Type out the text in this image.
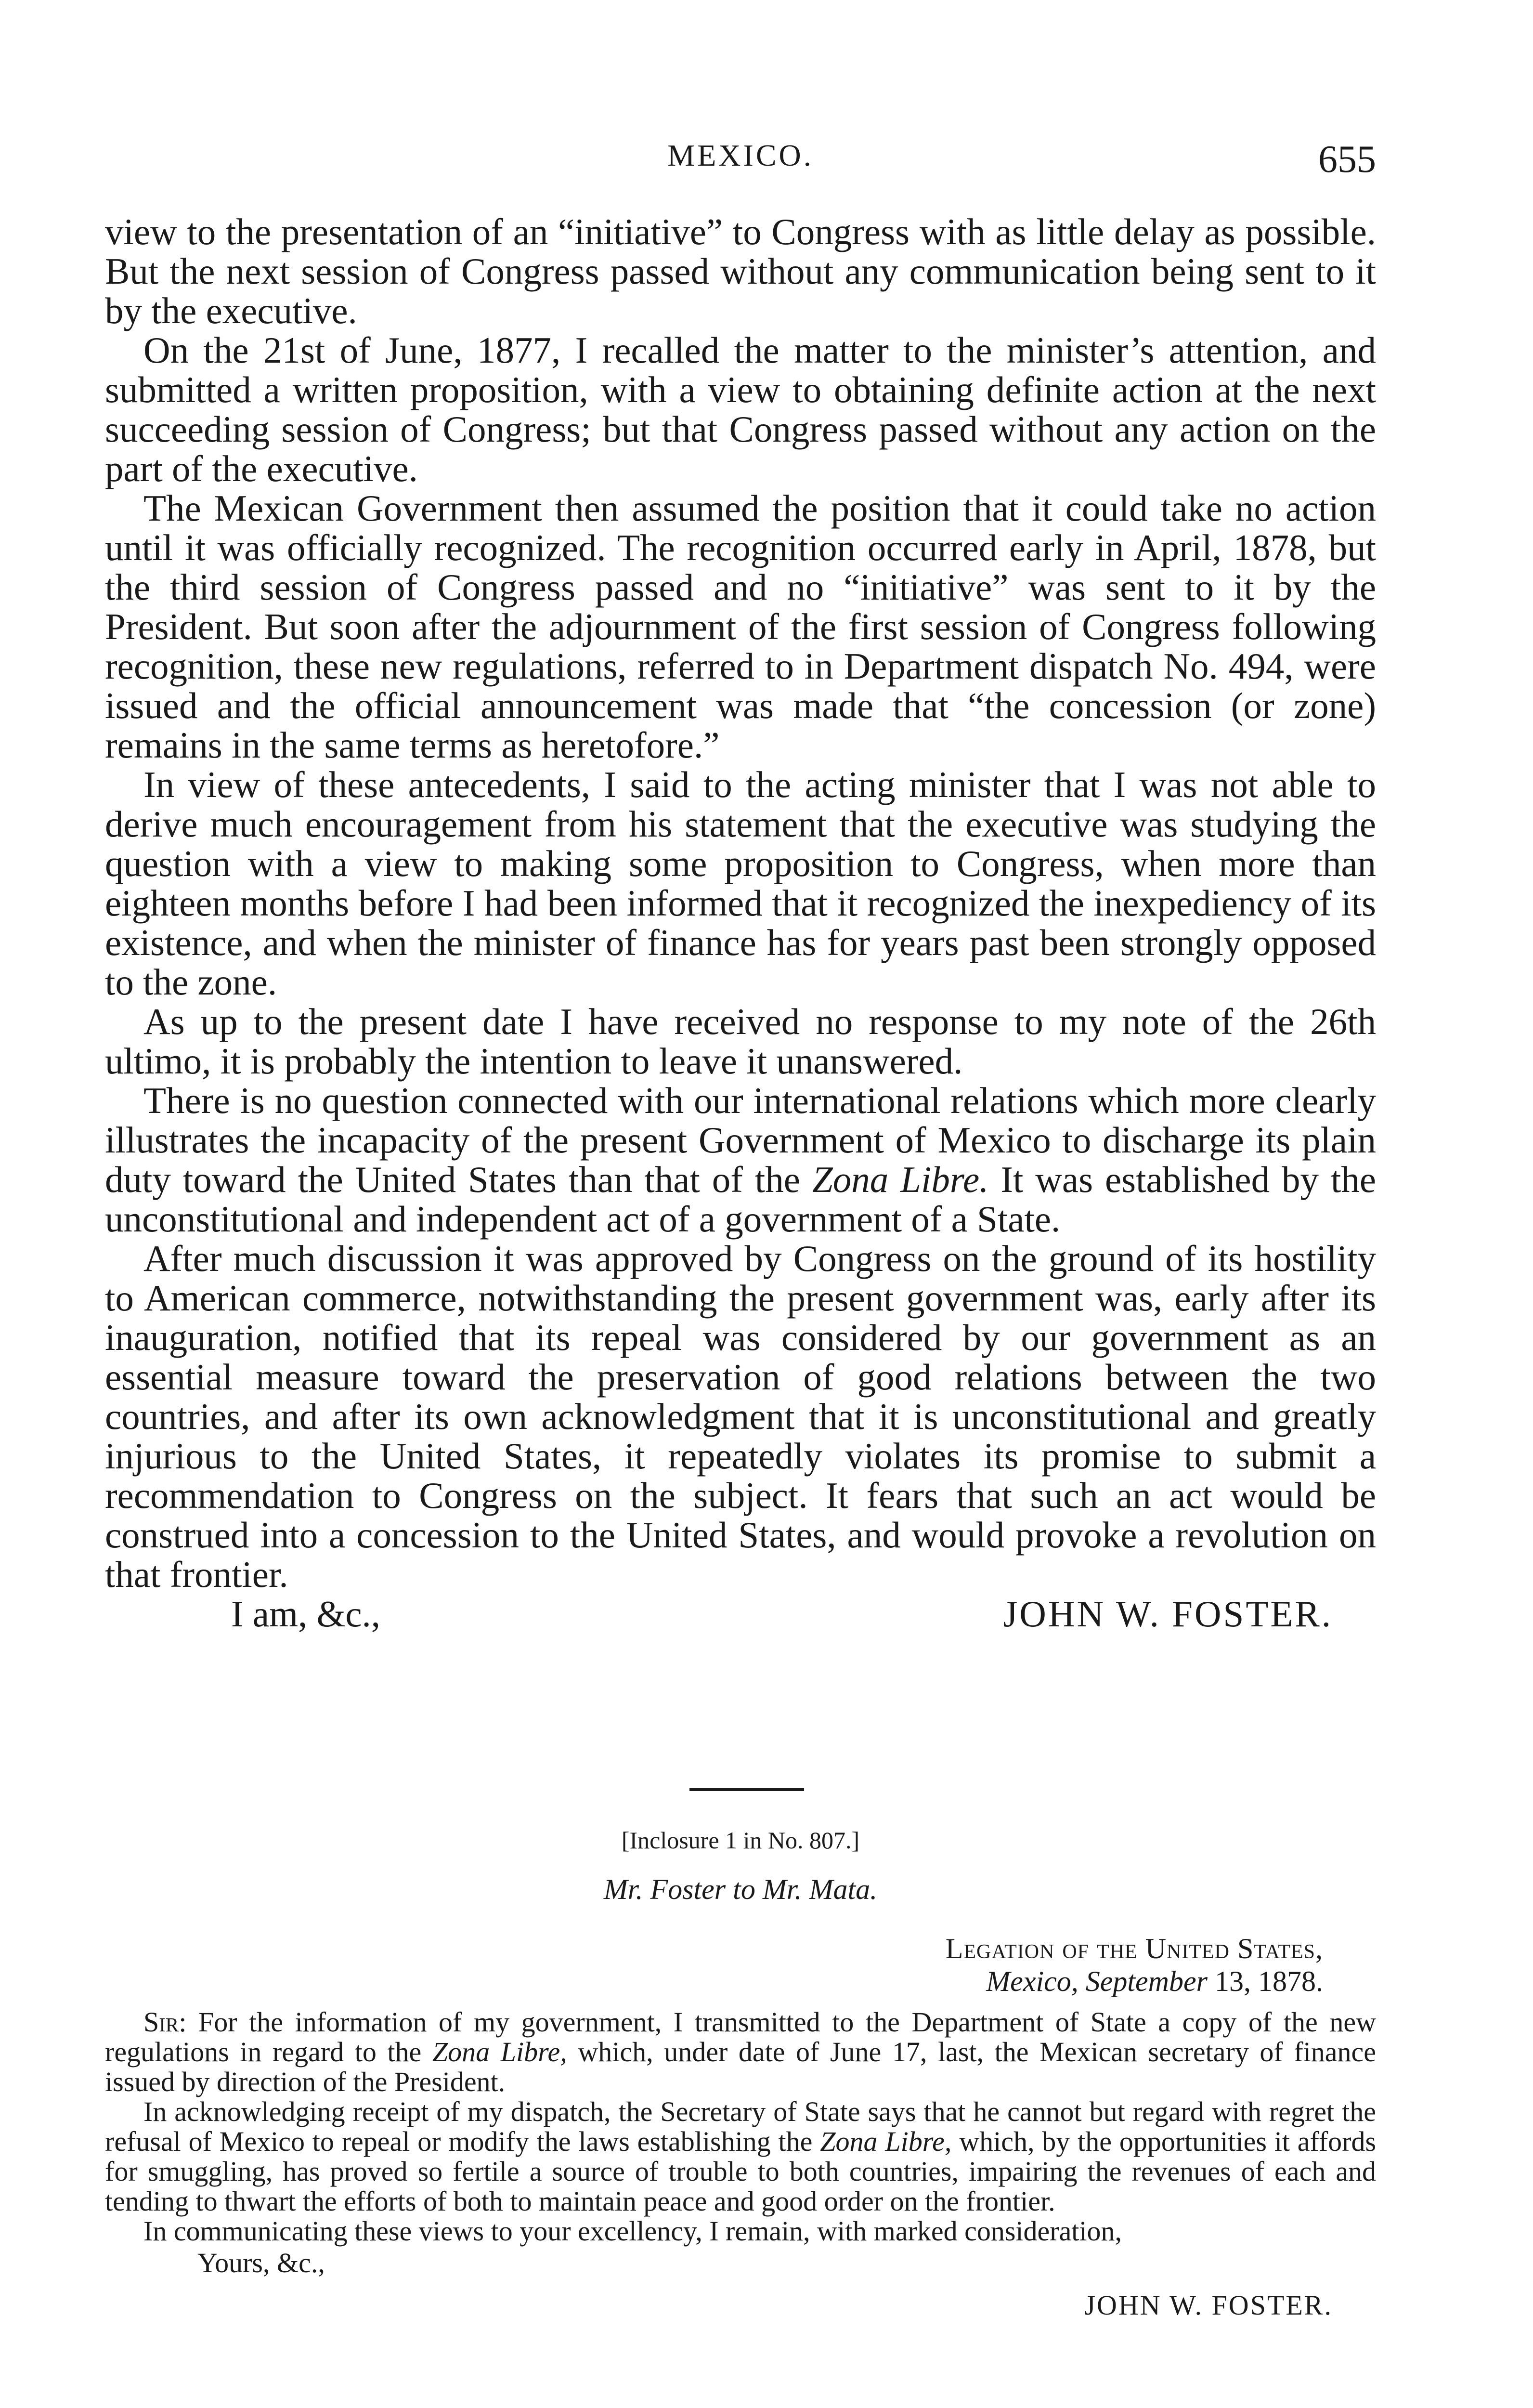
MEXICO.	655

view to the presentation of an “initiative” to Congress with as little delay as possible. But the next session of Congress passed without any communication being sent to it by the executive.

On the 21st of June, 1877, I recalled the matter to the minister’s attention, and submitted a written proposition, with a view to obtaining definite action at the next succeeding session of Congress; but that Congress passed without any action on the part of the executive.

The Mexican Government then assumed the position that it could take no action until it was officially recognized. The recognition occurred early in April, 1878, but the third session of Congress passed and no “initiative” was sent to it by the President. But soon after the adjournment of the first session of Congress following recognition, these new regulations, referred to in Department dispatch No. 494, were issued and the official announcement was made that “the concession (or zone) remains in the same terms as heretofore.”

In view of these antecedents, I said to the acting minister that I was not able to derive much encouragement from his statement that the executive was studying the question with a view to making some proposition to Congress, when more than eighteen months before I had been informed that it recognized the inexpediency of its existence, and when the minister of finance has for years past been strongly opposed to the zone.

As up to the present date I have received no response to my note of the 26th ultimo, it is probably the intention to leave it unanswered.

There is no question connected with our international relations which more clearly illustrates the incapacity of the present Government of Mexico to discharge its plain duty toward the United States than that of the Zona Libre. It was established by the unconstitutional and independent act of a government of a State.

After much discussion it was approved by Congress on the ground of its hostility to American commerce, notwithstanding the present government was, early after its inauguration, notified that its repeal was considered by our government as an essential measure toward the preservation of good relations between the two countries, and after its own acknowledgment that it is unconstitutional and greatly injurious to the United States, it repeatedly violates its promise to submit a recommendation to Congress on the subject. It fears that such an act would be construed into a concession to the United States, and would provoke a revolution on that frontier.

I am, &c.,	JOHN W. FOSTER.
[Inclosure 1 in No. 807.]
Mr. Foster to Mr. Mata.
Legation of the United States,
Mexico, September 13, 1878.

Sir: For the information of my government, I transmitted to the Department of State a copy of the new regulations in regard to the Zona Libre, which, under date of June 17, last, the Mexican secretary of finance issued by direction of the President.

In acknowledging receipt of my dispatch, the Secretary of State says that he cannot but regard with regret the refusal of Mexico to repeal or modify the laws establishing the Zona Libre, which, by the opportunities it affords for smuggling, has proved so fertile a source of trouble to both countries, impairing the revenues of each and tending to thwart the efforts of both to maintain peace and good order on the frontier.

In communicating these views to your excellency, I remain, with marked consideration,

Yours, &c.,
JOHN W. FOSTER.
